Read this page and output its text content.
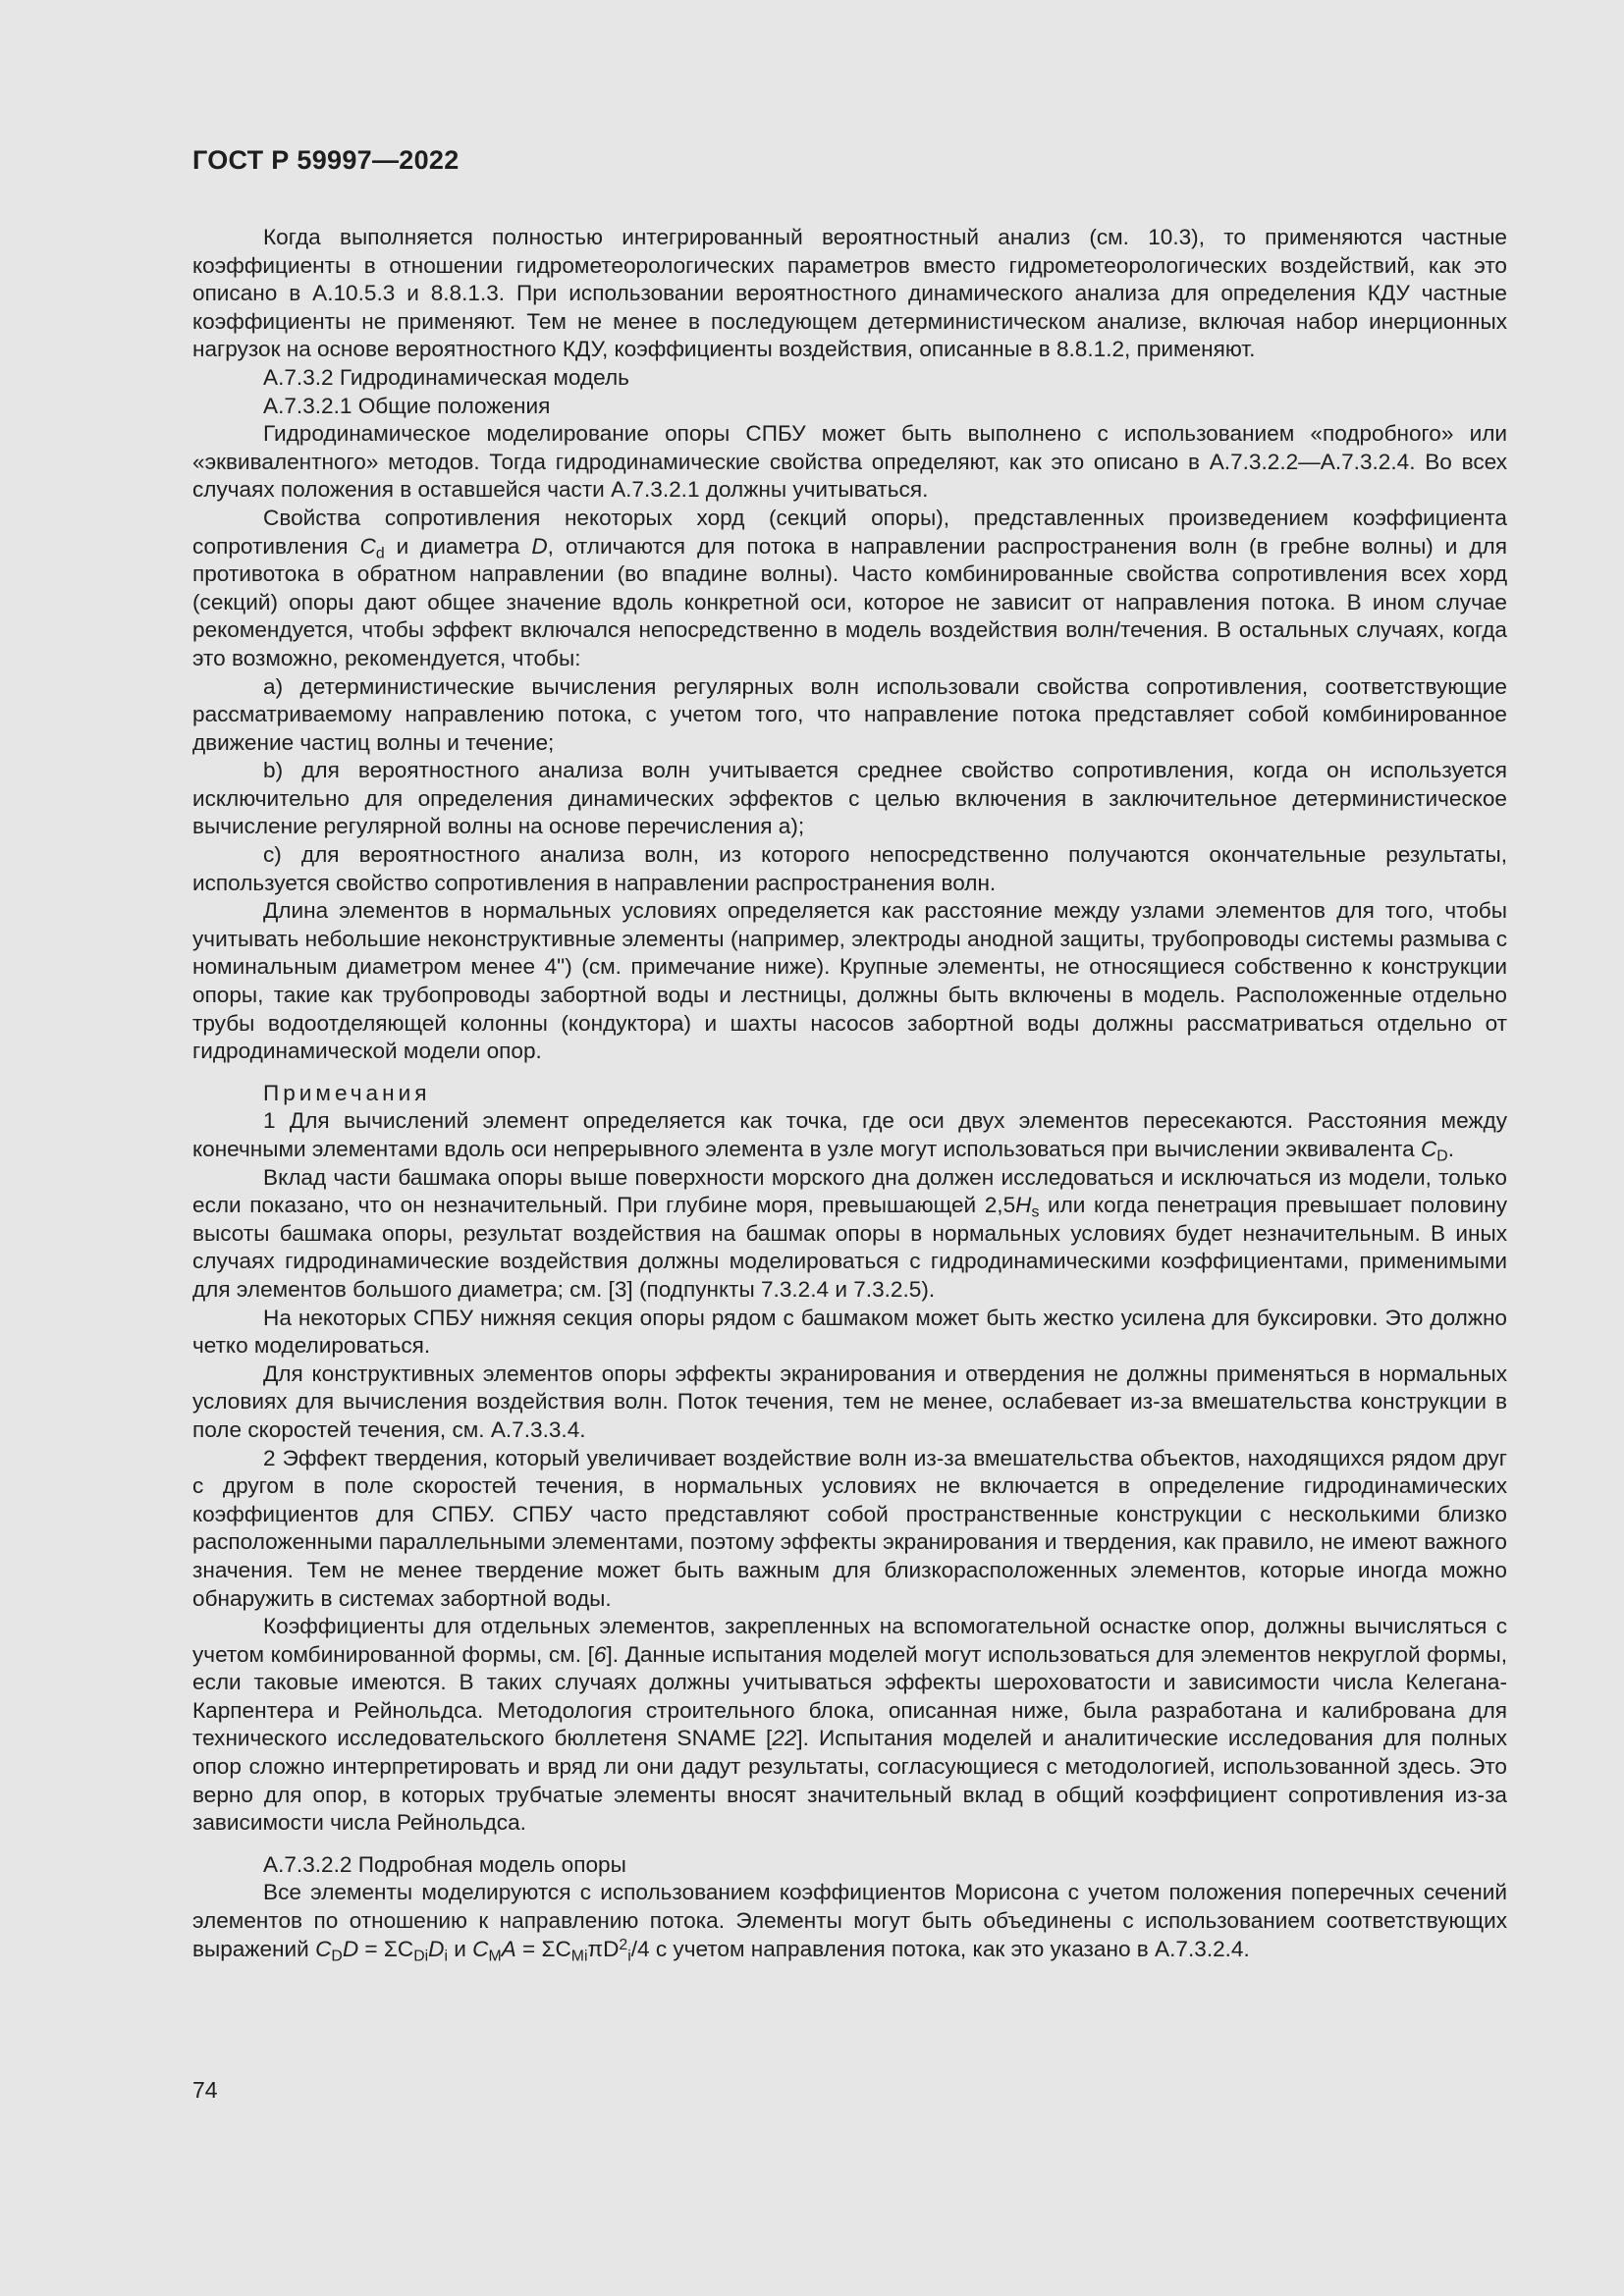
ГОСТ Р 59997—2022

Когда выполняется полностью интегрированный вероятностный анализ (см. 10.3), то применяются частные коэффициенты в отношении гидрометеорологических параметров вместо гидрометеорологических воздействий, как это описано в А.10.5.3 и 8.8.1.3. При использовании вероятностного динамического анализа для определения КДУ частные коэффициенты не применяют. Тем не менее в последующем детерминистическом анализе, включая набор инерционных нагрузок на основе вероятностного КДУ, коэффициенты воздействия, описанные в 8.8.1.2, применяют.

А.7.3.2 Гидродинамическая модель

А.7.3.2.1 Общие положения

Гидродинамическое моделирование опоры СПБУ может быть выполнено с использованием «подробного» или «эквивалентного» методов. Тогда гидродинамические свойства определяют, как это описано в А.7.3.2.2—А.7.3.2.4. Во всех случаях положения в оставшейся части А.7.3.2.1 должны учитываться.

Свойства сопротивления некоторых хорд (секций опоры), представленных произведением коэффициента сопротивления $C_d$ и диаметра D, отличаются для потока в направлении распространения волн (в гребне волны) и для противотока в обратном направлении (во впадине волны). Часто комбинированные свойства сопротивления всех хорд (секций) опоры дают общее значение вдоль конкретной оси, которое не зависит от направления потока. В ином случае рекомендуется, чтобы эффект включался непосредственно в модель воздействия волн/течения. В остальных случаях, когда это возможно, рекомендуется, чтобы:

а) детерминистические вычисления регулярных волн использовали свойства сопротивления, соответствующие рассматриваемому направлению потока, с учетом того, что направление потока представляет собой комбинированное движение частиц волны и течение;

b) для вероятностного анализа волн учитывается среднее свойство сопротивления, когда он используется исключительно для определения динамических эффектов с целью включения в заключительное детерминистическое вычисление регулярной волны на основе перечисления а);

с) для вероятностного анализа волн, из которого непосредственно получаются окончательные результаты, используется свойство сопротивления в направлении распространения волн.

Длина элементов в нормальных условиях определяется как расстояние между узлами элементов для того, чтобы учитывать небольшие неконструктивные элементы (например, электроды анодной защиты, трубопроводы системы размыва с номинальным диаметром менее 4") (см. примечание ниже). Крупные элементы, не относящиеся собственно к конструкции опоры, такие как трубопроводы забортной воды и лестницы, должны быть включены в модель. Расположенные отдельно трубы водоотделяющей колонны (кондуктора) и шахты насосов забортной воды должны рассматриваться отдельно от гидродинамической модели опор.

Примечания

1 Для вычислений элемент определяется как точка, где оси двух элементов пересекаются. Расстояния между конечными элементами вдоль оси непрерывного элемента в узле могут использоваться при вычислении эквивалента $C_D$.

Вклад части башмака опоры выше поверхности морского дна должен исследоваться и исключаться из модели, только если показано, что он незначительный. При глубине моря, превышающей $2,5H_s$ или когда пенетрация превышает половину высоты башмака опоры, результат воздействия на башмак опоры в нормальных условиях будет незначительным. В иных случаях гидродинамические воздействия должны моделироваться с гидродинамическими коэффициентами, применимыми для элементов большого диаметра; см. [3] (подпункты 7.3.2.4 и 7.3.2.5).

На некоторых СПБУ нижняя секция опоры рядом с башмаком может быть жестко усилена для буксировки. Это должно четко моделироваться.

Для конструктивных элементов опоры эффекты экранирования и отвердения не должны применяться в нормальных условиях для вычисления воздействия волн. Поток течения, тем не менее, ослабевает из-за вмешательства конструкции в поле скоростей течения, см. А.7.3.3.4.

2 Эффект твердения, который увеличивает воздействие волн из-за вмешательства объектов, находящихся рядом друг с другом в поле скоростей течения, в нормальных условиях не включается в определение гидродинамических коэффициентов для СПБУ. СПБУ часто представляют собой пространственные конструкции с несколькими близко расположенными параллельными элементами, поэтому эффекты экранирования и твердения, как правило, не имеют важного значения. Тем не менее твердение может быть важным для близкорасположенных элементов, которые иногда можно обнаружить в системах забортной воды.

Коэффициенты для отдельных элементов, закрепленных на вспомогательной оснастке опор, должны вычисляться с учетом комбинированной формы, см. [6]. Данные испытания моделей могут использоваться для элементов некруглой формы, если таковые имеются. В таких случаях должны учитываться эффекты шероховатости и зависимости числа Келегана-Карпентера и Рейнольдса. Методология строительного блока, описанная ниже, была разработана и калибрована для технического исследовательского бюллетеня SNAME [22]. Испытания моделей и аналитические исследования для полных опор сложно интерпретировать и вряд ли они дадут результаты, согласующиеся с методологией, использованной здесь. Это верно для опор, в которых трубчатые элементы вносят значительный вклад в общий коэффициент сопротивления из-за зависимости числа Рейнольдса.

А.7.3.2.2 Подробная модель опоры

Все элементы моделируются с использованием коэффициентов Морисона с учетом положения поперечных сечений элементов по отношению к направлению потока. Элементы могут быть объединены с использованием соответствующих выражений $C_DD = \Sigma C_{Di}D_i$ и $C_MA = \Sigma C_{Mi}\pi D^2_i/4$ с учетом направления потока, как это указано в А.7.3.2.4.

74
